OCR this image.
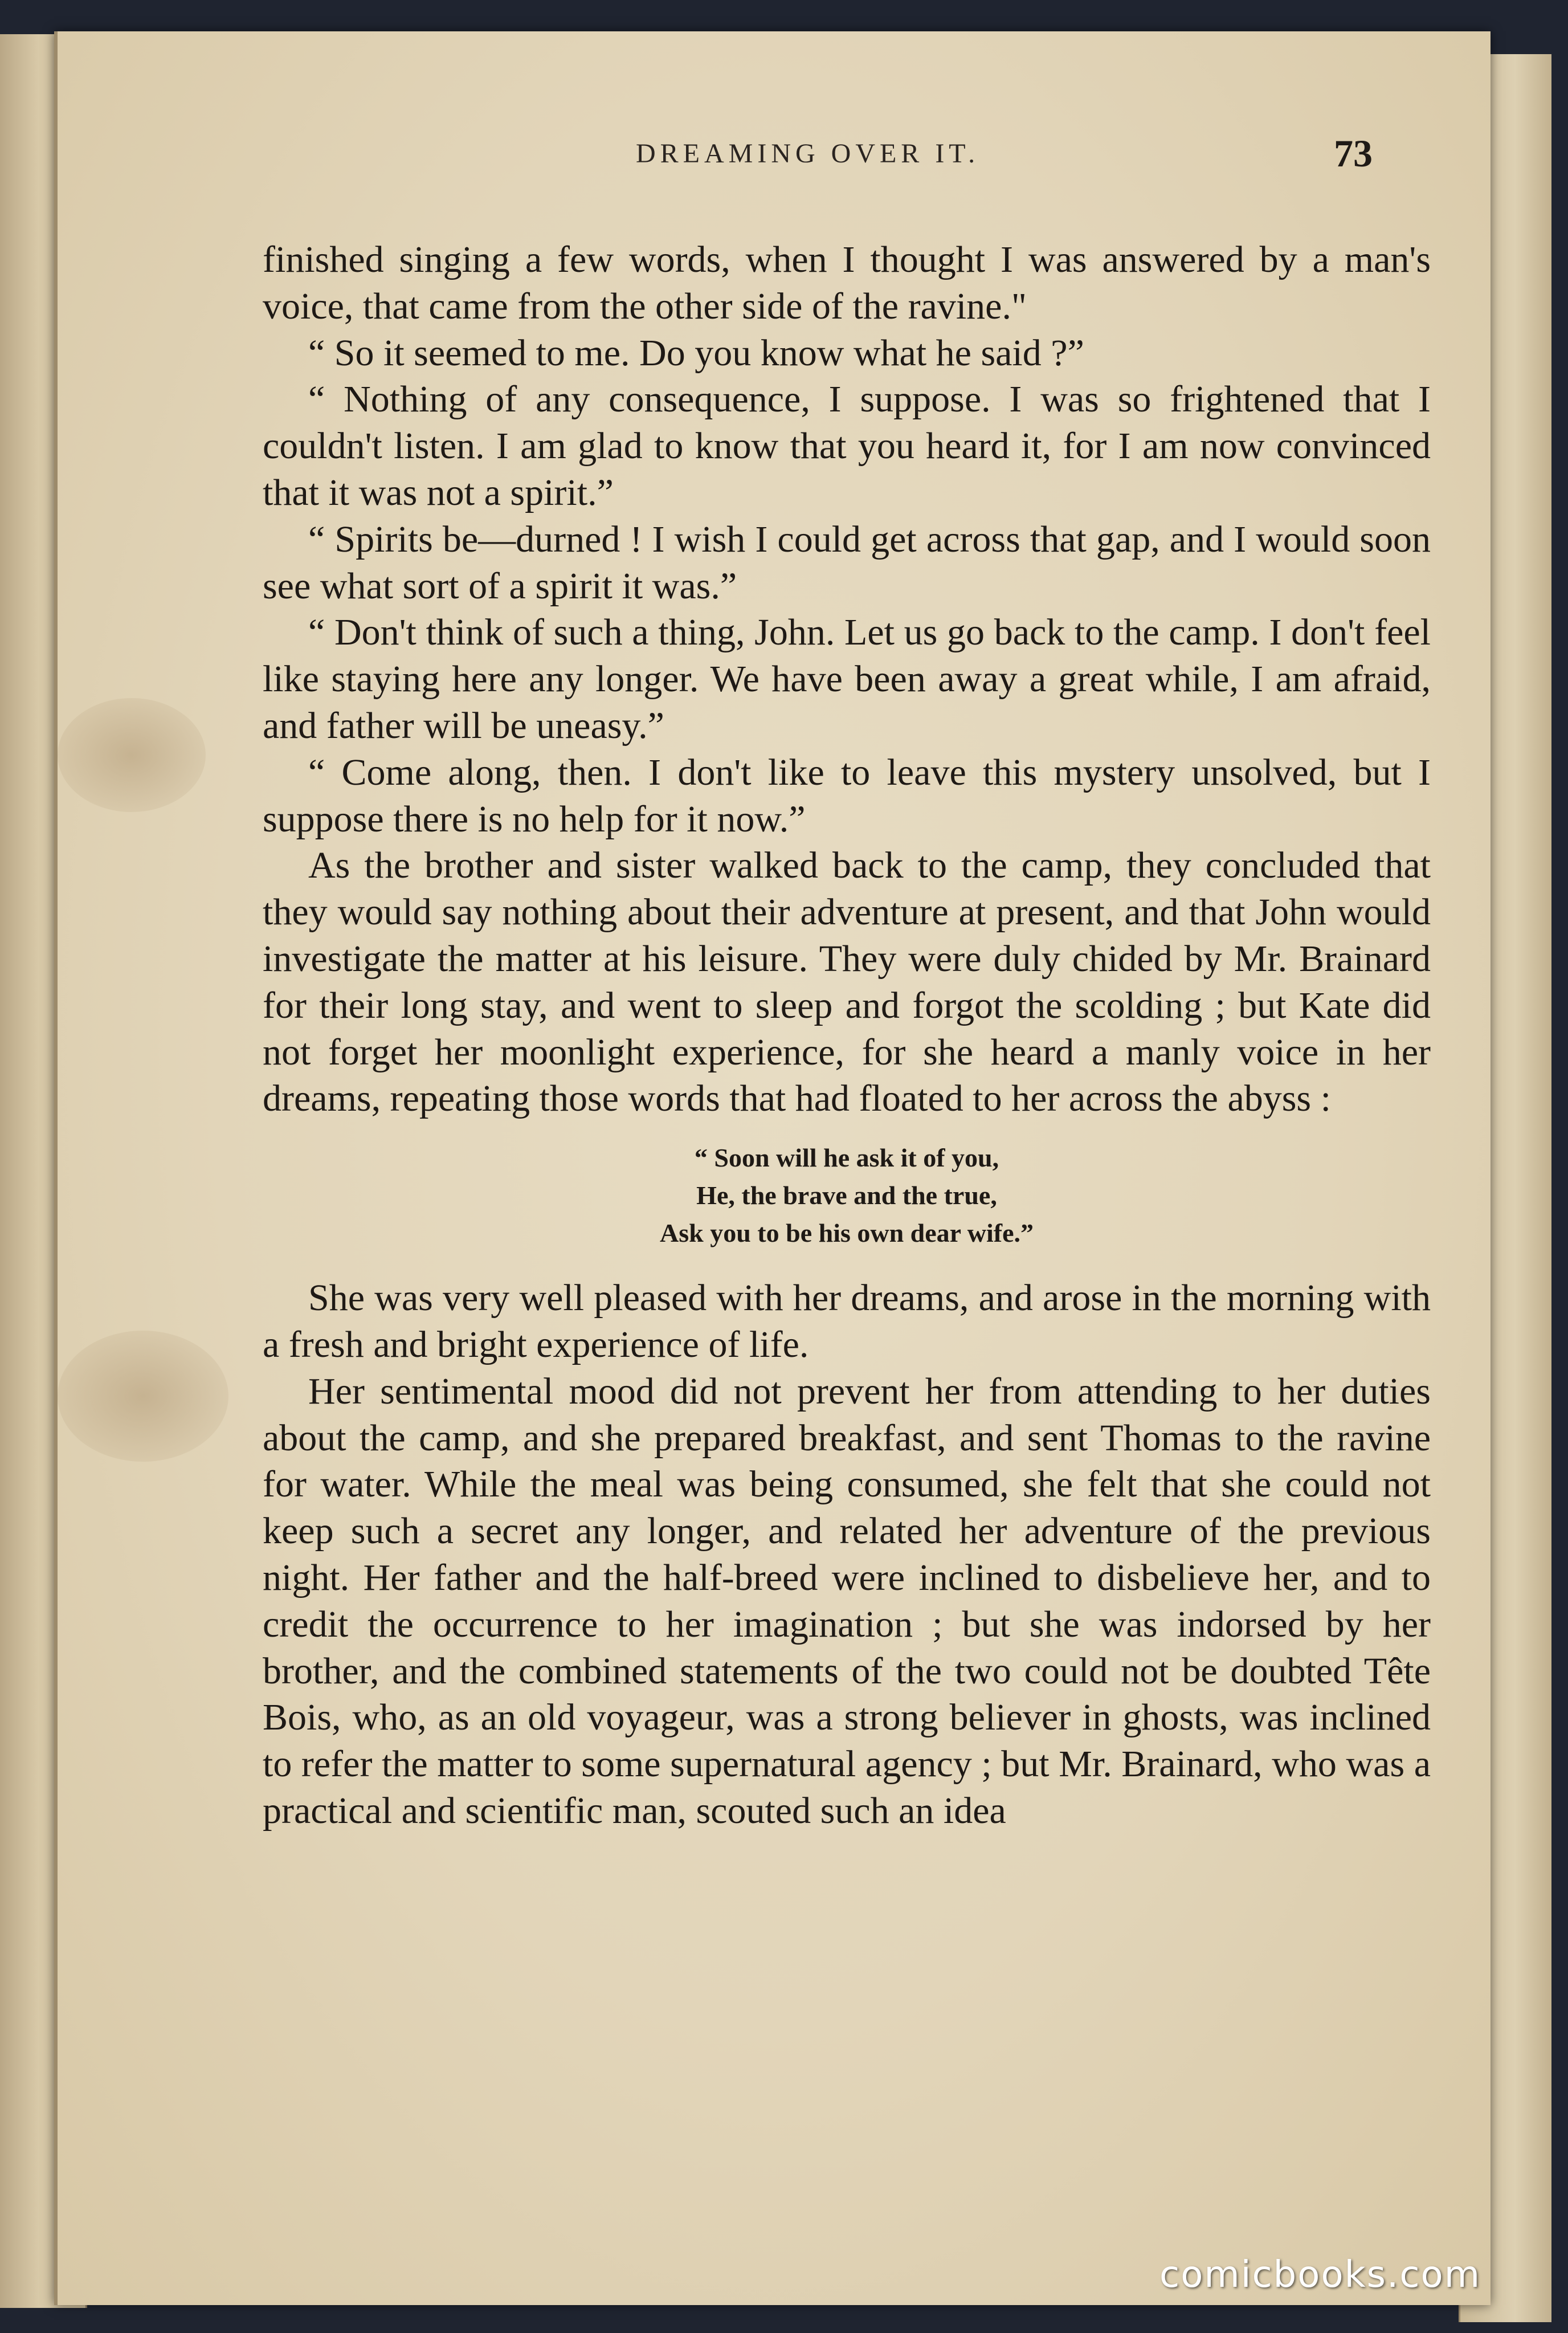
DREAMING OVER IT.	73

finished singing a few words, when I thought I was answered by a man's voice, that came from the other side of the ravine."

“ So it seemed to me. Do you know what he said ?”

“ Nothing of any consequence, I suppose. I was so frightened that I couldn't listen. I am glad to know that you heard it, for I am now convinced that it was not a spirit.”

“ Spirits be—durned ! I wish I could get across that gap, and I would soon see what sort of a spirit it was.”

“ Don't think of such a thing, John. Let us go back to the camp. I don't feel like staying here any longer. We have been away a great while, I am afraid, and father will be uneasy.”

“ Come along, then. I don't like to leave this mystery unsolved, but I suppose there is no help for it now.”

As the brother and sister walked back to the camp, they concluded that they would say nothing about their adventure at present, and that John would investigate the matter at his leisure. They were duly chided by Mr. Brainard for their long stay, and went to sleep and forgot the scolding ; but Kate did not forget her moonlight experience, for she heard a manly voice in her dreams, repeating those words that had floated to her across the abyss :

“ Soon will he ask it of you,
He, the brave and the true,
Ask you to be his own dear wife.”

She was very well pleased with her dreams, and arose in the morning with a fresh and bright experience of life.

Her sentimental mood did not prevent her from attending to her duties about the camp, and she prepared breakfast, and sent Thomas to the ravine for water. While the meal was being consumed, she felt that she could not keep such a secret any longer, and related her adventure of the previous night. Her father and the half-breed were inclined to disbelieve her, and to credit the occurrence to her imagination ; but she was indorsed by her brother, and the combined statements of the two could not be doubted Tête Bois, who, as an old voyageur, was a strong believer in ghosts, was inclined to refer the matter to some supernatural agency ; but Mr. Brainard, who was a practical and scientific man, scouted such an idea

comicbooks.com
